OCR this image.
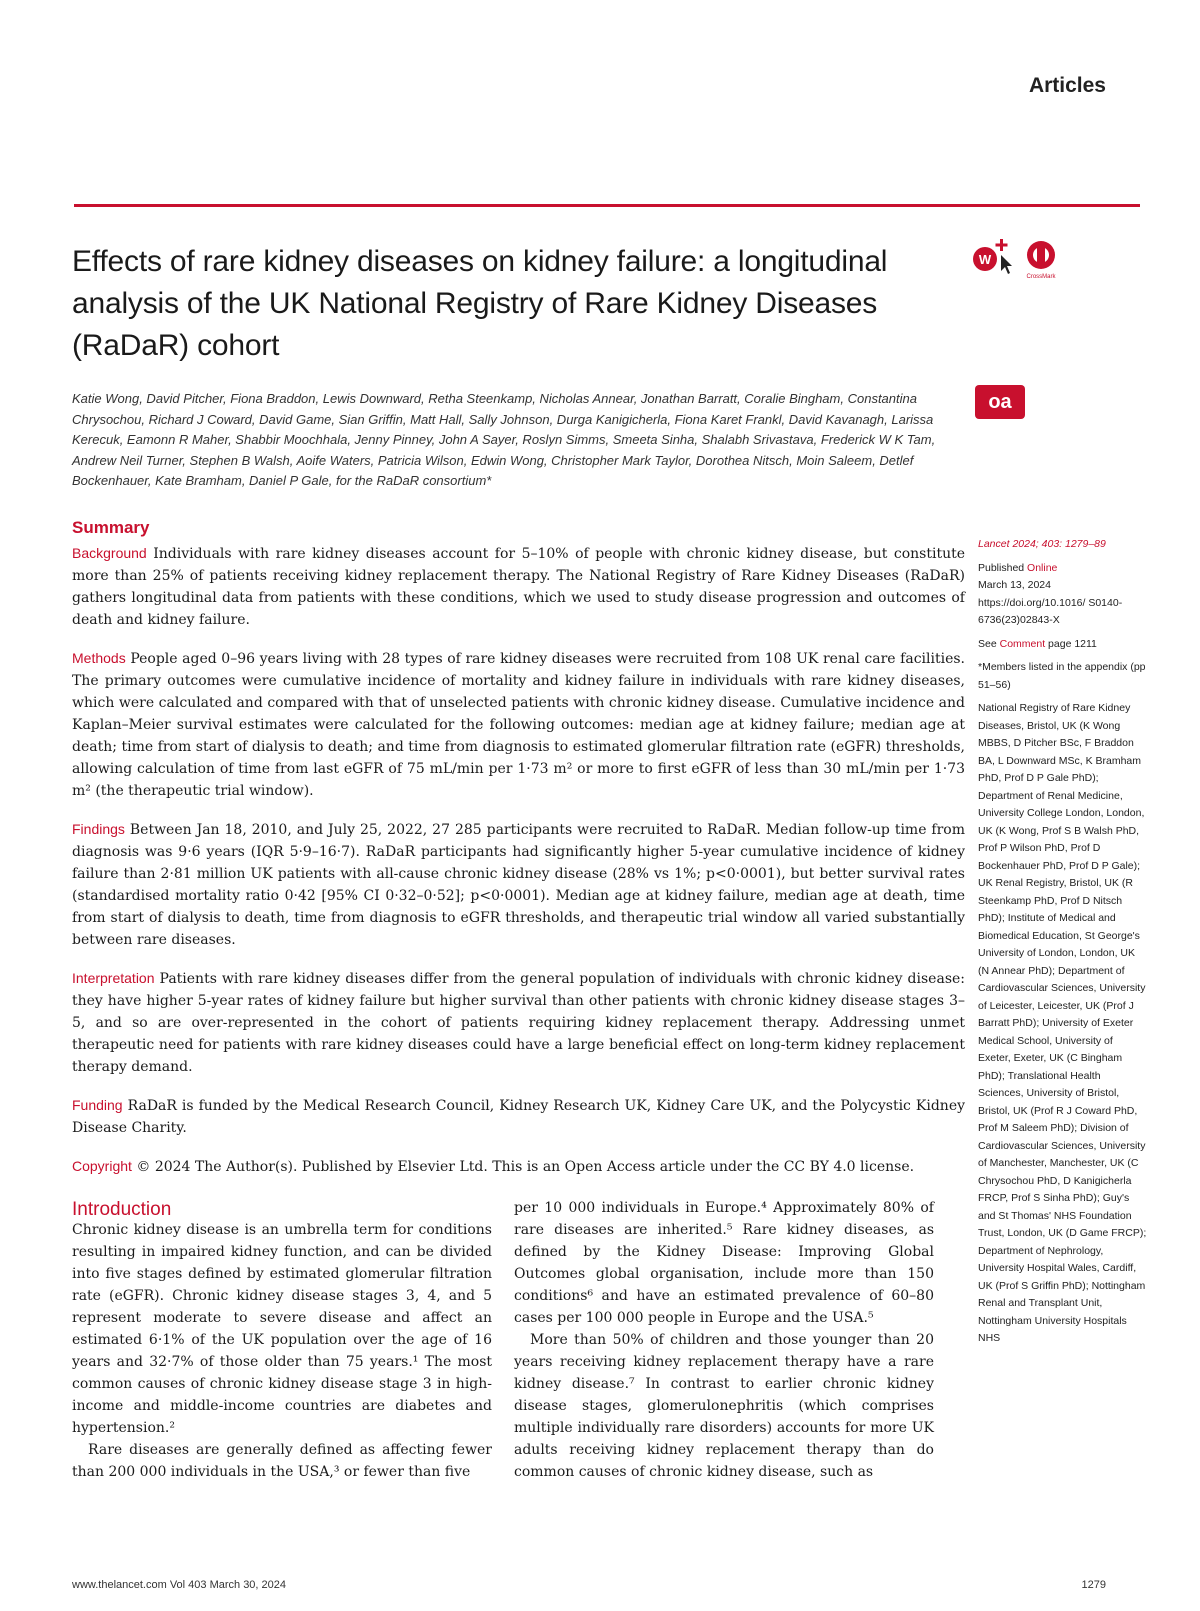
Articles
Effects of rare kidney diseases on kidney failure: a longitudinal analysis of the UK National Registry of Rare Kidney Diseases (RaDaR) cohort
W
CrossMark
Katie Wong, David Pitcher, Fiona Braddon, Lewis Downward, Retha Steenkamp, Nicholas Annear, Jonathan Barratt, Coralie Bingham, Constantina Chrysochou, Richard J Coward, David Game, Sian Griffin, Matt Hall, Sally Johnson, Durga Kanigicherla, Fiona Karet Frankl, David Kavanagh, Larissa Kerecuk, Eamonn R Maher, Shabbir Moochhala, Jenny Pinney, John A Sayer, Roslyn Simms, Smeeta Sinha, Shalabh Srivastava, Frederick W K Tam, Andrew Neil Turner, Stephen B Walsh, Aoife Waters, Patricia Wilson, Edwin Wong, Christopher Mark Taylor, Dorothea Nitsch, Moin Saleem, Detlef Bockenhauer, Kate Bramham, Daniel P Gale, for the RaDaR consortium*
oa
Summary

Background Individuals with rare kidney diseases account for 5–10% of people with chronic kidney disease, but constitute more than 25% of patients receiving kidney replacement therapy. The National Registry of Rare Kidney Diseases (RaDaR) gathers longitudinal data from patients with these conditions, which we used to study disease progression and outcomes of death and kidney failure.

Methods People aged 0–96 years living with 28 types of rare kidney diseases were recruited from 108 UK renal care facilities. The primary outcomes were cumulative incidence of mortality and kidney failure in individuals with rare kidney diseases, which were calculated and compared with that of unselected patients with chronic kidney disease. Cumulative incidence and Kaplan–Meier survival estimates were calculated for the following outcomes: median age at kidney failure; median age at death; time from start of dialysis to death; and time from diagnosis to estimated glomerular filtration rate (eGFR) thresholds, allowing calculation of time from last eGFR of 75 mL/min per 1·73 m² or more to first eGFR of less than 30 mL/min per 1·73 m² (the therapeutic trial window).

Findings Between Jan 18, 2010, and July 25, 2022, 27 285 participants were recruited to RaDaR. Median follow-up time from diagnosis was 9·6 years (IQR 5·9–16·7). RaDaR participants had significantly higher 5-year cumulative incidence of kidney failure than 2·81 million UK patients with all-cause chronic kidney disease (28% vs 1%; p<0·0001), but better survival rates (standardised mortality ratio 0·42 [95% CI 0·32–0·52]; p<0·0001). Median age at kidney failure, median age at death, time from start of dialysis to death, time from diagnosis to eGFR thresholds, and therapeutic trial window all varied substantially between rare diseases.

Interpretation Patients with rare kidney diseases differ from the general population of individuals with chronic kidney disease: they have higher 5-year rates of kidney failure but higher survival than other patients with chronic kidney disease stages 3–5, and so are over-represented in the cohort of patients requiring kidney replacement therapy. Addressing unmet therapeutic need for patients with rare kidney diseases could have a large beneficial effect on long-term kidney replacement therapy demand.

Funding RaDaR is funded by the Medical Research Council, Kidney Research UK, Kidney Care UK, and the Polycystic Kidney Disease Charity.

Copyright © 2024 The Author(s). Published by Elsevier Ltd. This is an Open Access article under the CC BY 4.0 license.

Lancet 2024; 403: 1279–89
Published Online
March 13, 2024
https://doi.org/10.1016/ S0140-6736(23)02843-X
See Comment page 1211
*Members listed in the appendix (pp 51–56)
National Registry of Rare Kidney Diseases, Bristol, UK (K Wong MBBS, D Pitcher BSc, F Braddon BA, L Downward MSc, K Bramham PhD, Prof D P Gale PhD); Department of Renal Medicine, University College London, London, UK (K Wong, Prof S B Walsh PhD, Prof P Wilson PhD, Prof D Bockenhauer PhD, Prof D P Gale); UK Renal Registry, Bristol, UK (R Steenkamp PhD, Prof D Nitsch PhD); Institute of Medical and Biomedical Education, St George's University of London, London, UK (N Annear PhD); Department of Cardiovascular Sciences, University of Leicester, Leicester, UK (Prof J Barratt PhD); University of Exeter Medical School, University of Exeter, Exeter, UK (C Bingham PhD); Translational Health Sciences, University of Bristol, Bristol, UK (Prof R J Coward PhD, Prof M Saleem PhD); Division of Cardiovascular Sciences, University of Manchester, Manchester, UK (C Chrysochou PhD, D Kanigicherla FRCP, Prof S Sinha PhD); Guy's and St Thomas' NHS Foundation Trust, London, UK (D Game FRCP); Department of Nephrology, University Hospital Wales, Cardiff, UK (Prof S Griffin PhD); Nottingham Renal and Transplant Unit, Nottingham University Hospitals NHS
Introduction

Chronic kidney disease is an umbrella term for conditions resulting in impaired kidney function, and can be divided into five stages defined by estimated glomerular filtration rate (eGFR). Chronic kidney disease stages 3, 4, and 5 represent moderate to severe disease and affect an estimated 6·1% of the UK population over the age of 16 years and 32·7% of those older than 75 years.¹ The most common causes of chronic kidney disease stage 3 in high-income and middle-income countries are diabetes and hypertension.²

Rare diseases are generally defined as affecting fewer than 200 000 individuals in the USA,³ or fewer than five

per 10 000 individuals in Europe.⁴ Approximately 80% of rare diseases are inherited.⁵ Rare kidney diseases, as defined by the Kidney Disease: Improving Global Outcomes global organisation, include more than 150 conditions⁶ and have an estimated prevalence of 60–80 cases per 100 000 people in Europe and the USA.⁵

More than 50% of children and those younger than 20 years receiving kidney replacement therapy have a rare kidney disease.⁷ In contrast to earlier chronic kidney disease stages, glomerulonephritis (which comprises multiple individually rare disorders) accounts for more UK adults receiving kidney replacement therapy than do common causes of chronic kidney disease, such as

www.thelancet.com Vol 403 March 30, 2024	1279
